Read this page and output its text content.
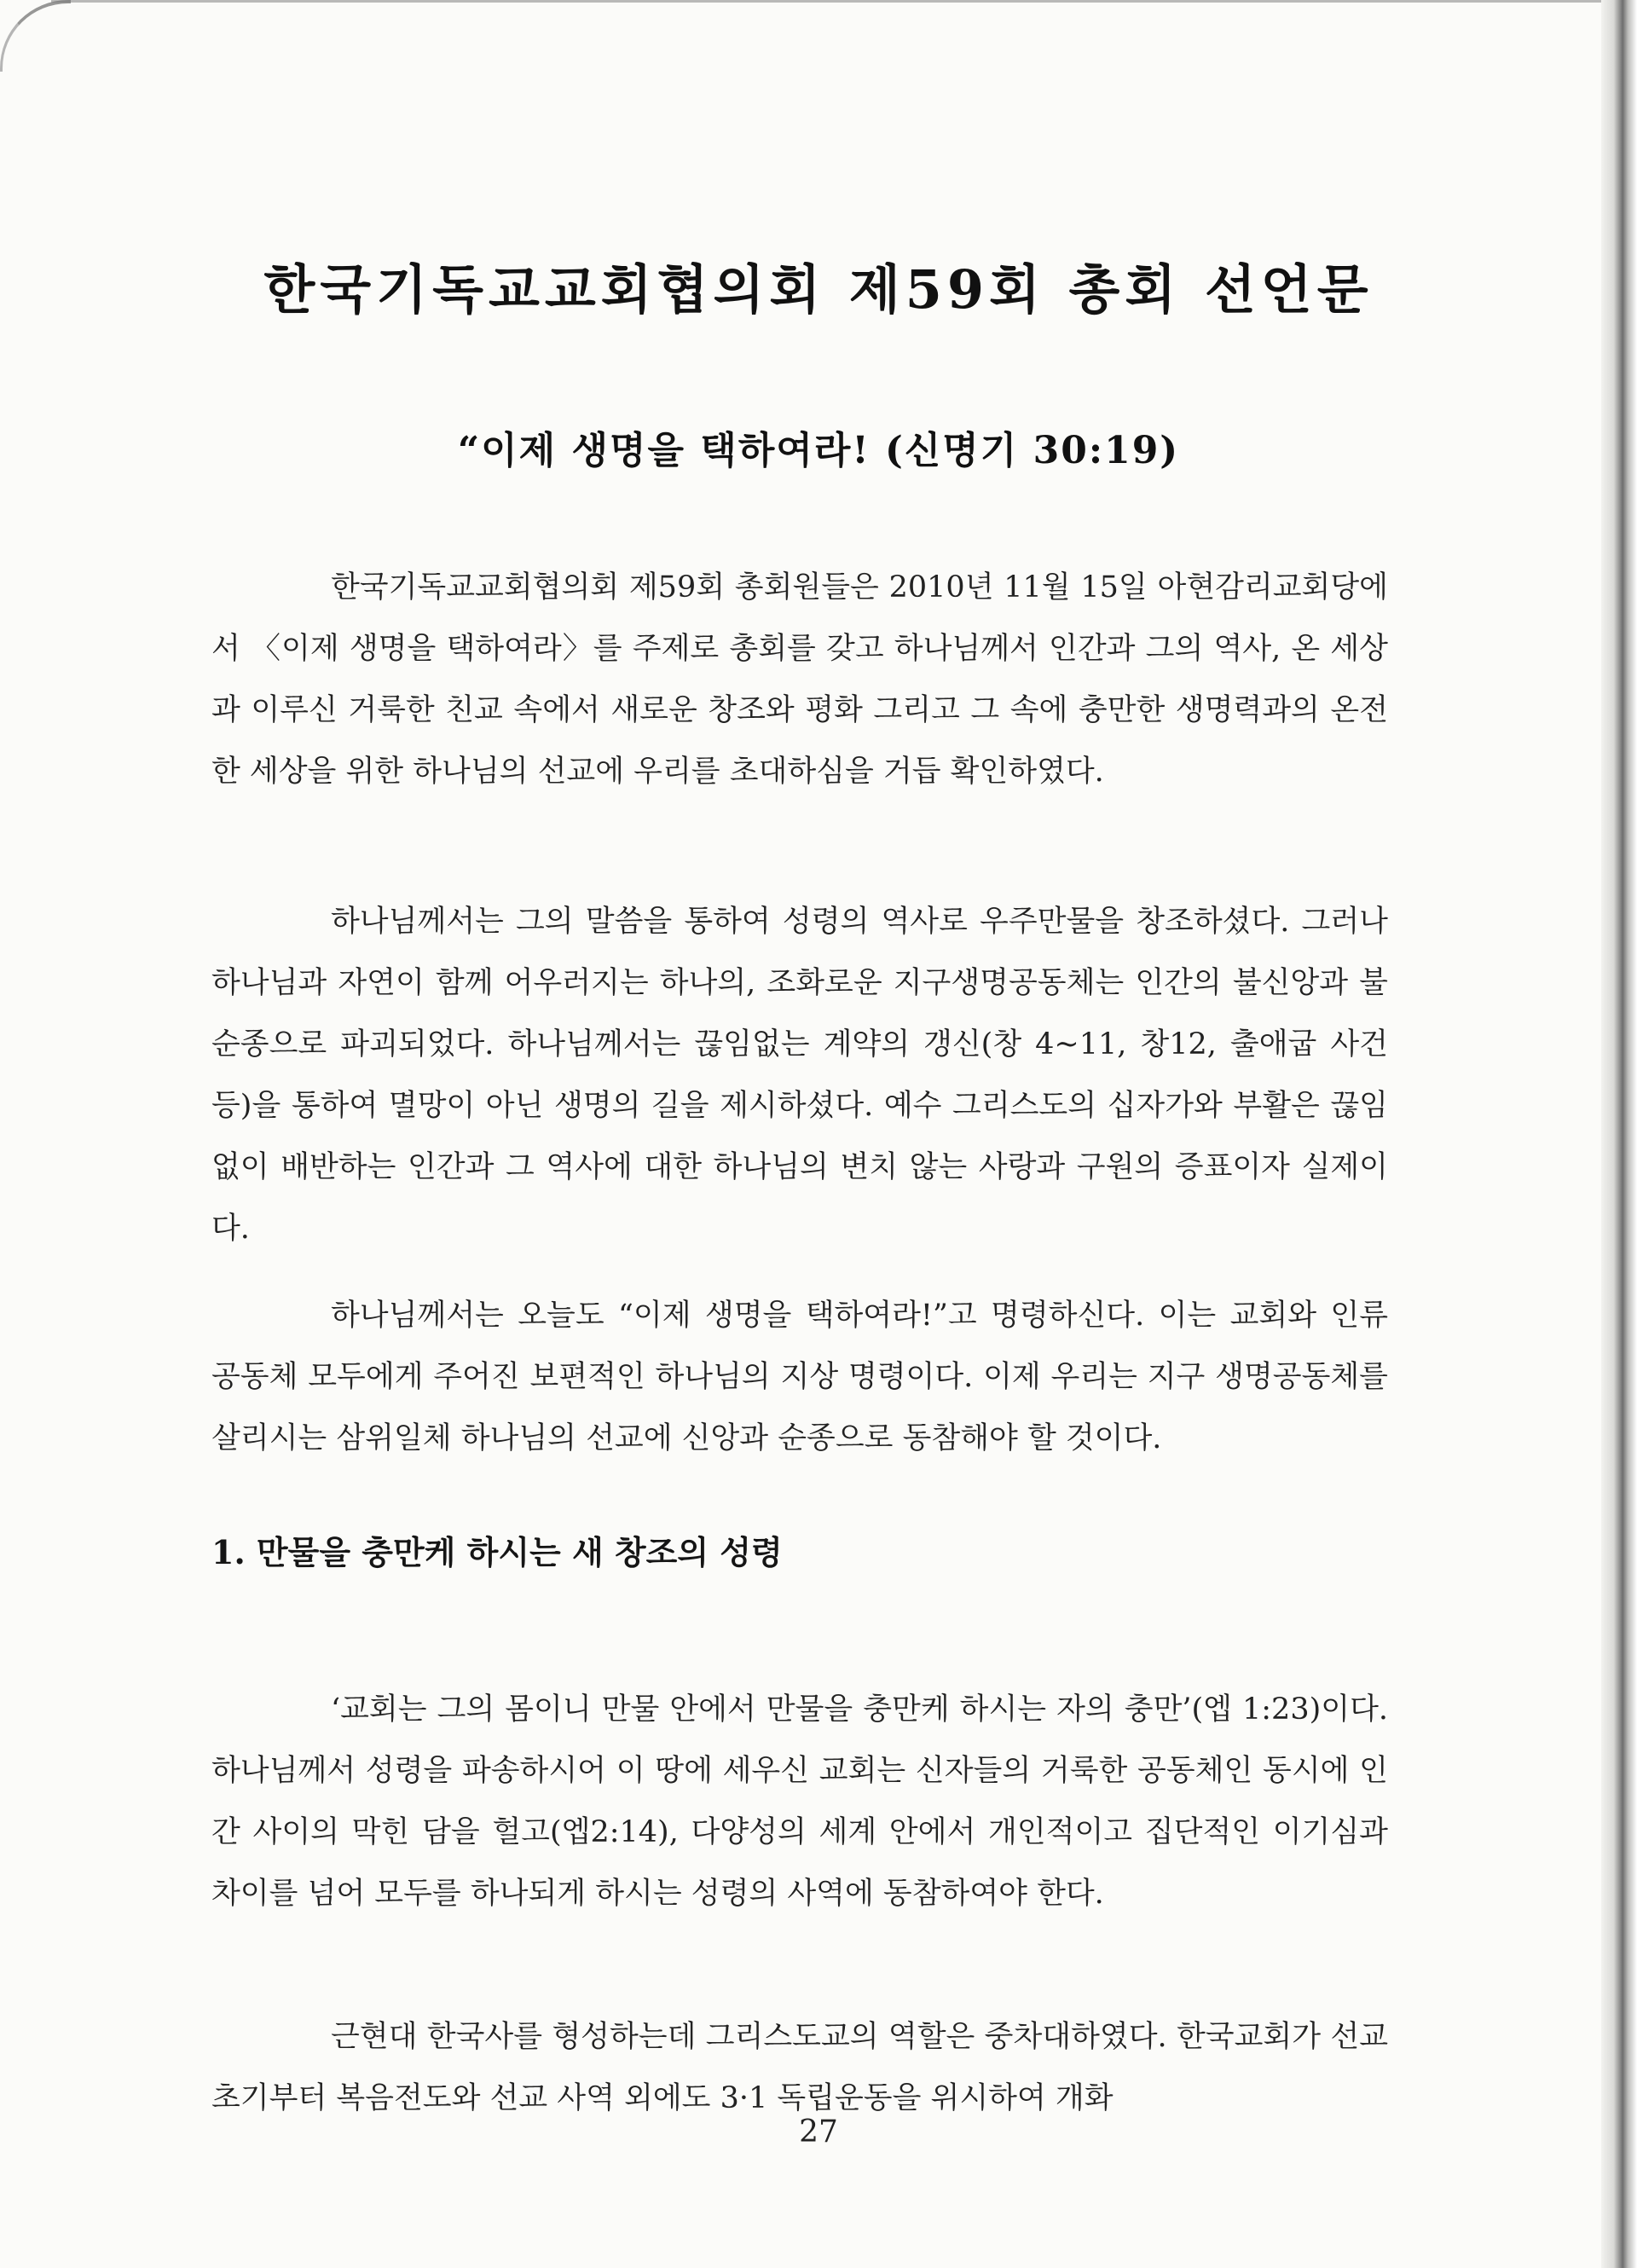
한국기독교교회협의회 제59회 총회 선언문
“이제 생명을 택하여라! (신명기 30:19)

한국기독교교회협의회 제59회 총회원들은 2010년 11월 15일 아현감리교회당에서 〈이제 생명을 택하여라〉를 주제로 총회를 갖고 하나님께서 인간과 그의 역사, 온 세상과 이루신 거룩한 친교 속에서 새로운 창조와 평화 그리고 그 속에 충만한 생명력과의 온전한 세상을 위한 하나님의 선교에 우리를 초대하심을 거듭 확인하였다.

하나님께서는 그의 말씀을 통하여 성령의 역사로 우주만물을 창조하셨다. 그러나 하나님과 자연이 함께 어우러지는 하나의, 조화로운 지구생명공동체는 인간의 불신앙과 불순종으로 파괴되었다. 하나님께서는 끊임없는 계약의 갱신(창 4~11, 창12, 출애굽 사건 등)을 통하여 멸망이 아닌 생명의 길을 제시하셨다. 예수 그리스도의 십자가와 부활은 끊임없이 배반하는 인간과 그 역사에 대한 하나님의 변치 않는 사랑과 구원의 증표이자 실제이다.

하나님께서는 오늘도 “이제 생명을 택하여라!”고 명령하신다. 이는 교회와 인류 공동체 모두에게 주어진 보편적인 하나님의 지상 명령이다. 이제 우리는 지구 생명공동체를 살리시는 삼위일체 하나님의 선교에 신앙과 순종으로 동참해야 할 것이다.

1. 만물을 충만케 하시는 새 창조의 성령

‘교회는 그의 몸이니 만물 안에서 만물을 충만케 하시는 자의 충만’(엡 1:23)이다. 하나님께서 성령을 파송하시어 이 땅에 세우신 교회는 신자들의 거룩한 공동체인 동시에 인간 사이의 막힌 담을 헐고(엡2:14), 다양성의 세계 안에서 개인적이고 집단적인 이기심과 차이를 넘어 모두를 하나되게 하시는 성령의 사역에 동참하여야 한다.

근현대 한국사를 형성하는데 그리스도교의 역할은 중차대하였다. 한국교회가 선교초기부터 복음전도와 선교 사역 외에도 3·1 독립운동을 위시하여 개화

27
